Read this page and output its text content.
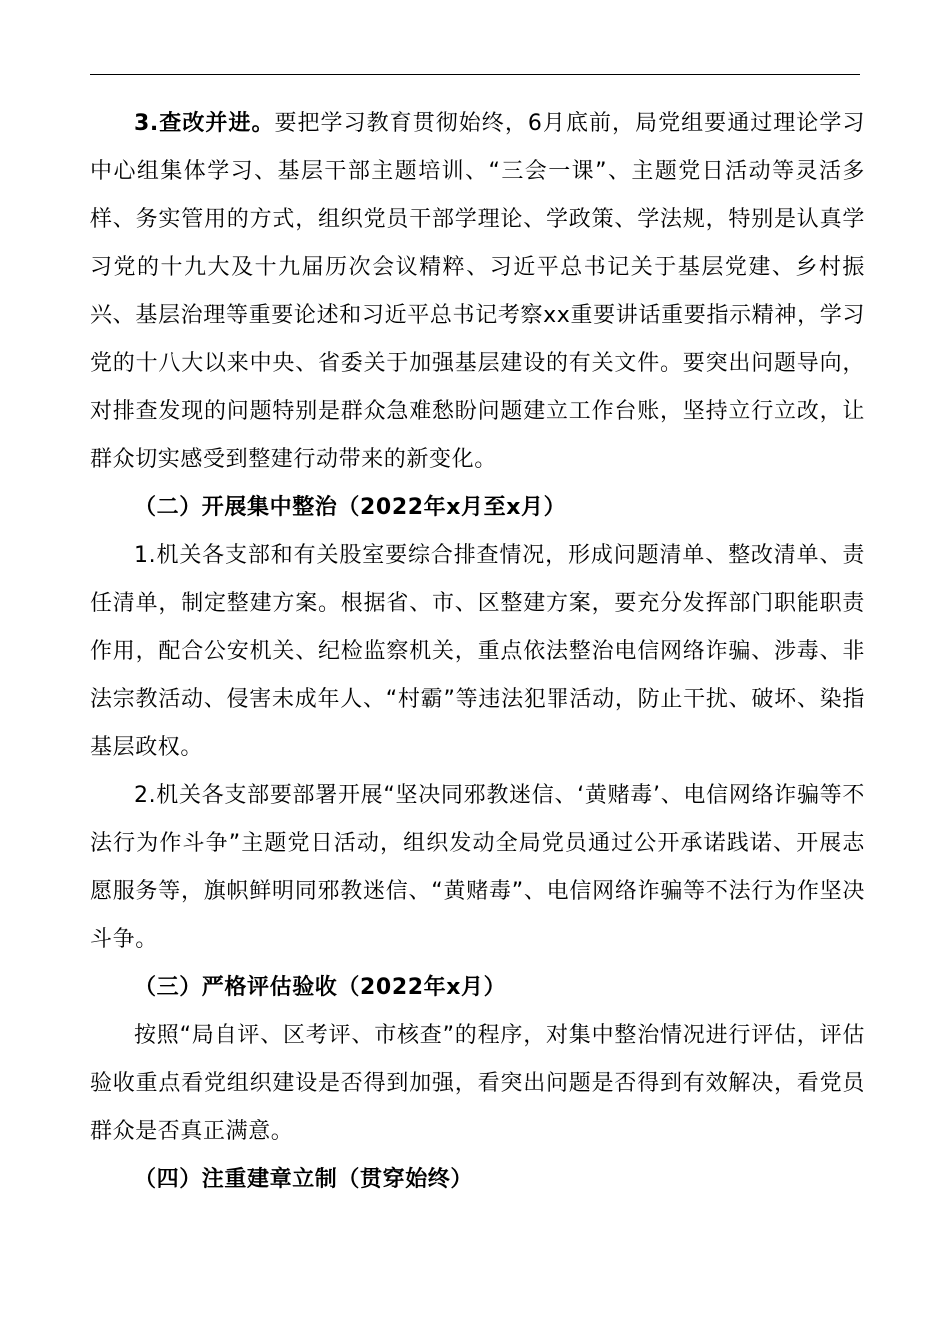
3.查改并进。要把学习教育贯彻始终，6月底前，局党组要通过理论学习中心组集体学习、基层干部主题培训、“三会一课”、主题党日活动等灵活多样、务实管用的方式，组织党员干部学理论、学政策、学法规，特别是认真学习党的十九大及十九届历次会议精粹、习近平总书记关于基层党建、乡村振兴、基层治理等重要论述和习近平总书记考察xx重要讲话重要指示精神，学习党的十八大以来中央、省委关于加强基层建设的有关文件。要突出问题导向，对排查发现的问题特别是群众急难愁盼问题建立工作台账，坚持立行立改，让群众切实感受到整建行动带来的新变化。

（二）开展集中整治（2022年x月至x月）

1.机关各支部和有关股室要综合排查情况，形成问题清单、整改清单、责任清单，制定整建方案。根据省、市、区整建方案，要充分发挥部门职能职责作用，配合公安机关、纪检监察机关，重点依法整治电信网络诈骗、涉毒、非法宗教活动、侵害未成年人、“村霸”等违法犯罪活动，防止干扰、破坏、染指基层政权。

2.机关各支部要部署开展“坚决同邪教迷信、‘黄赌毒’、电信网络诈骗等不法行为作斗争”主题党日活动，组织发动全局党员通过公开承诺践诺、开展志愿服务等，旗帜鲜明同邪教迷信、“黄赌毒”、电信网络诈骗等不法行为作坚决斗争。

（三）严格评估验收（2022年x月）

按照“局自评、区考评、市核查”的程序，对集中整治情况进行评估，评估验收重点看党组织建设是否得到加强，看突出问题是否得到有效解决，看党员群众是否真正满意。

（四）注重建章立制（贯穿始终）
